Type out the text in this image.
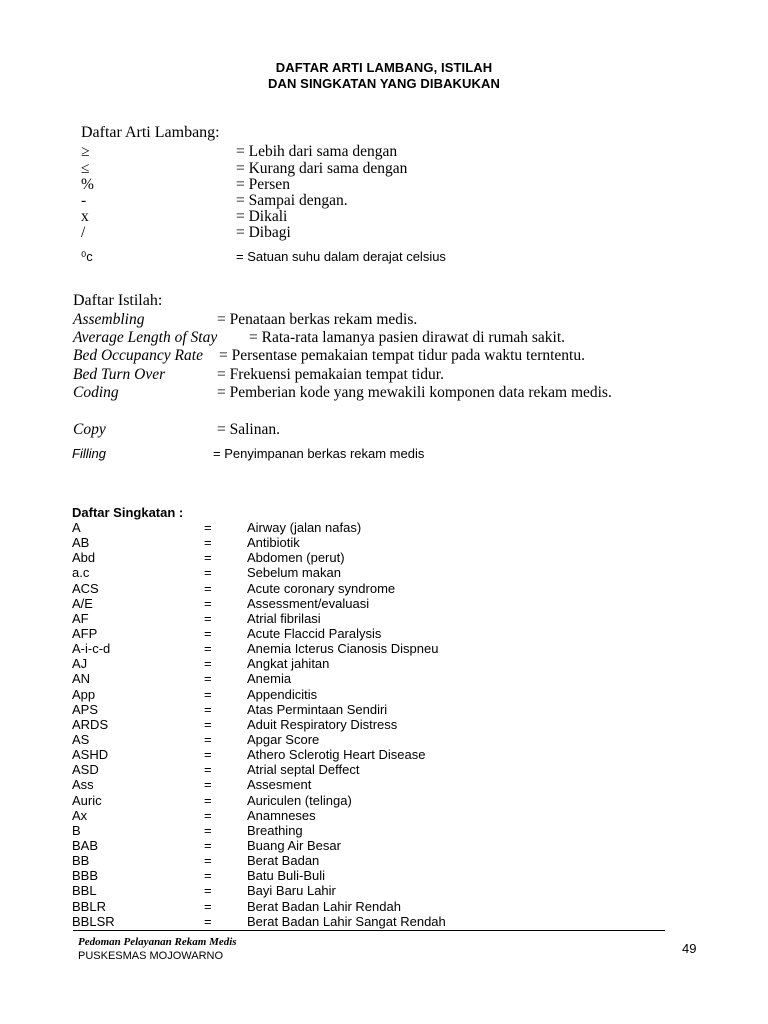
DAFTAR ARTI LAMBANG, ISTILAH
DAN SINGKATAN YANG DIBAKUKAN
Daftar Arti Lambang:
≥	= Lebih dari sama dengan
≤	= Kurang dari sama dengan
%	= Persen
-	= Sampai dengan.
x	= Dikali
/	= Dibagi
⁰c	= Satuan suhu dalam derajat celsius
Daftar Istilah:
Assembling	= Penataan berkas rekam medis.
Average Length of Stay = Rata-rata lamanya pasien dirawat di rumah sakit.
Bed Occupancy Rate = Persentase pemakaian tempat tidur pada waktu terntentu.
Bed Turn Over	= Frekuensi pemakaian tempat tidur.
Coding	= Pemberian kode yang mewakili komponen data rekam medis.
Copy	= Salinan.
Filling	= Penyimpanan berkas rekam medis
Daftar Singkatan :
A	=	Airway (jalan nafas)
AB	=	Antibiotik
Abd	=	Abdomen (perut)
a.c	=	Sebelum makan
ACS	=	Acute coronary syndrome
A/E	=	Assessment/evaluasi
AF	=	Atrial fibrilasi
AFP	=	Acute Flaccid Paralysis
A-i-c-d	=	Anemia Icterus Cianosis Dispneu
AJ	=	Angkat jahitan
AN	=	Anemia
App	=	Appendicitis
APS	=	Atas Permintaan Sendiri
ARDS	=	Aduit Respiratory Distress
AS	=	Apgar Score
ASHD	=	Athero Sclerotig Heart Disease
ASD	=	Atrial septal Deffect
Ass	=	Assesment
Auric	=	Auriculen (telinga)
Ax	=	Anamneses
B	=	Breathing
BAB	=	Buang Air Besar
BB	=	Berat Badan
BBB	=	Batu Buli-Buli
BBL	=	Bayi Baru Lahir
BBLR	=	Berat Badan Lahir Rendah
BBLSR	=	Berat Badan Lahir Sangat Rendah
Pedoman Pelayanan Rekam Medis
PUSKESMAS MOJOWARNO	49
